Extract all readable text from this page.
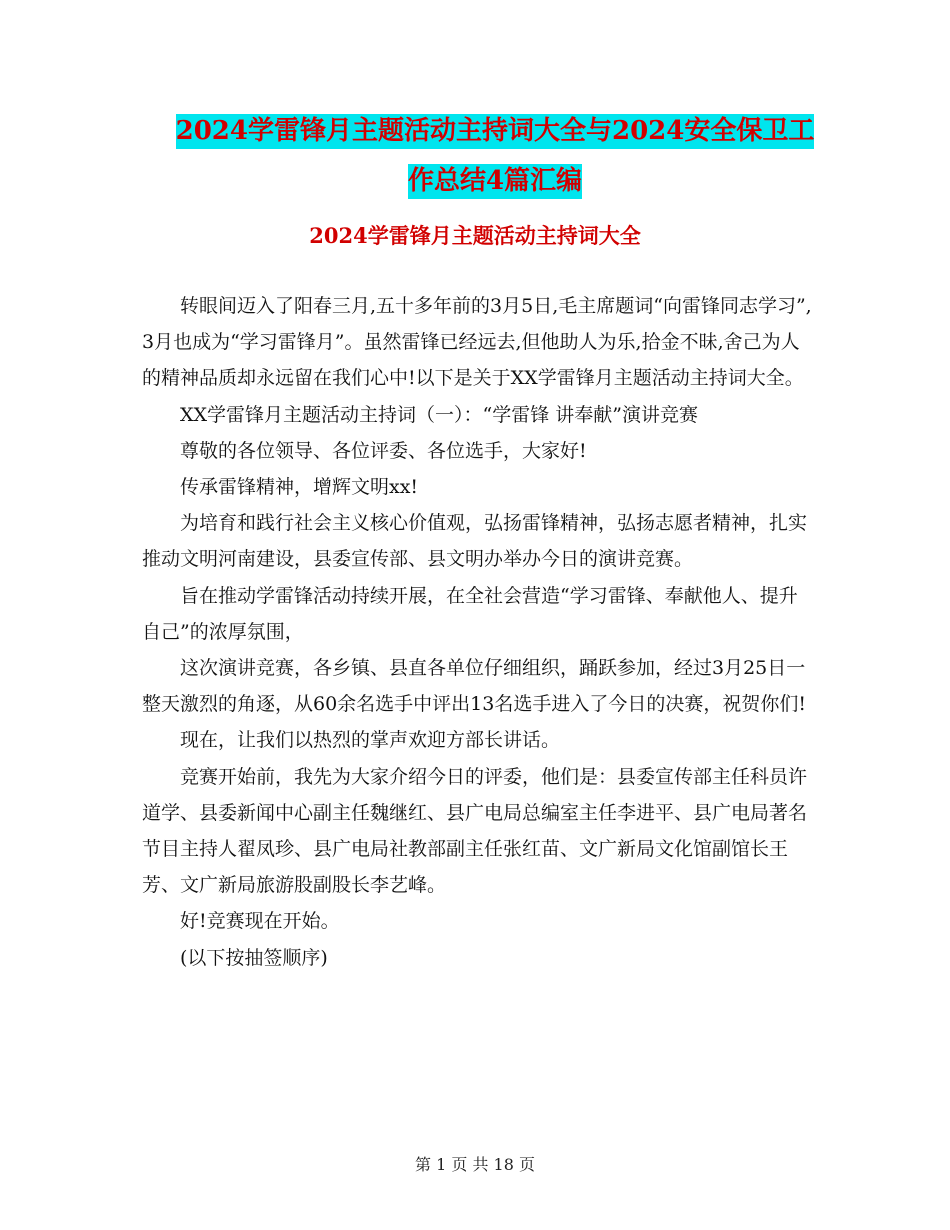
2024学雷锋月主题活动主持词大全与2024安全保卫工
作总结4篇汇编
2024学雷锋月主题活动主持词大全

转眼间迈入了阳春三月,五十多年前的3月5日,毛主席题词“向雷锋同志学习”,3月也成为“学习雷锋月”。虽然雷锋已经远去,但他助人为乐,拾金不昧,舍己为人的精神品质却永远留在我们心中!以下是关于XX学雷锋月主题活动主持词大全。

XX学雷锋月主题活动主持词（一）：“学雷锋 讲奉献”演讲竞赛

尊敬的各位领导、各位评委、各位选手，大家好!

传承雷锋精神，增辉文明xx!

为培育和践行社会主义核心价值观，弘扬雷锋精神，弘扬志愿者精神，扎实推动文明河南建设，县委宣传部、县文明办举办今日的演讲竞赛。

旨在推动学雷锋活动持续开展，在全社会营造“学习雷锋、奉献他人、提升自己”的浓厚氛围，

这次演讲竞赛，各乡镇、县直各单位仔细组织，踊跃参加，经过3月25日一整天激烈的角逐，从60余名选手中评出13名选手进入了今日的决赛，祝贺你们!

现在，让我们以热烈的掌声欢迎方部长讲话。

竞赛开始前，我先为大家介绍今日的评委，他们是：县委宣传部主任科员许道学、县委新闻中心副主任魏继红、县广电局总编室主任李进平、县广电局著名节目主持人翟凤珍、县广电局社教部副主任张红苗、文广新局文化馆副馆长王芳、文广新局旅游股副股长李艺峰。

好!竞赛现在开始。

(以下按抽签顺序)

第 1 页 共 18 页
